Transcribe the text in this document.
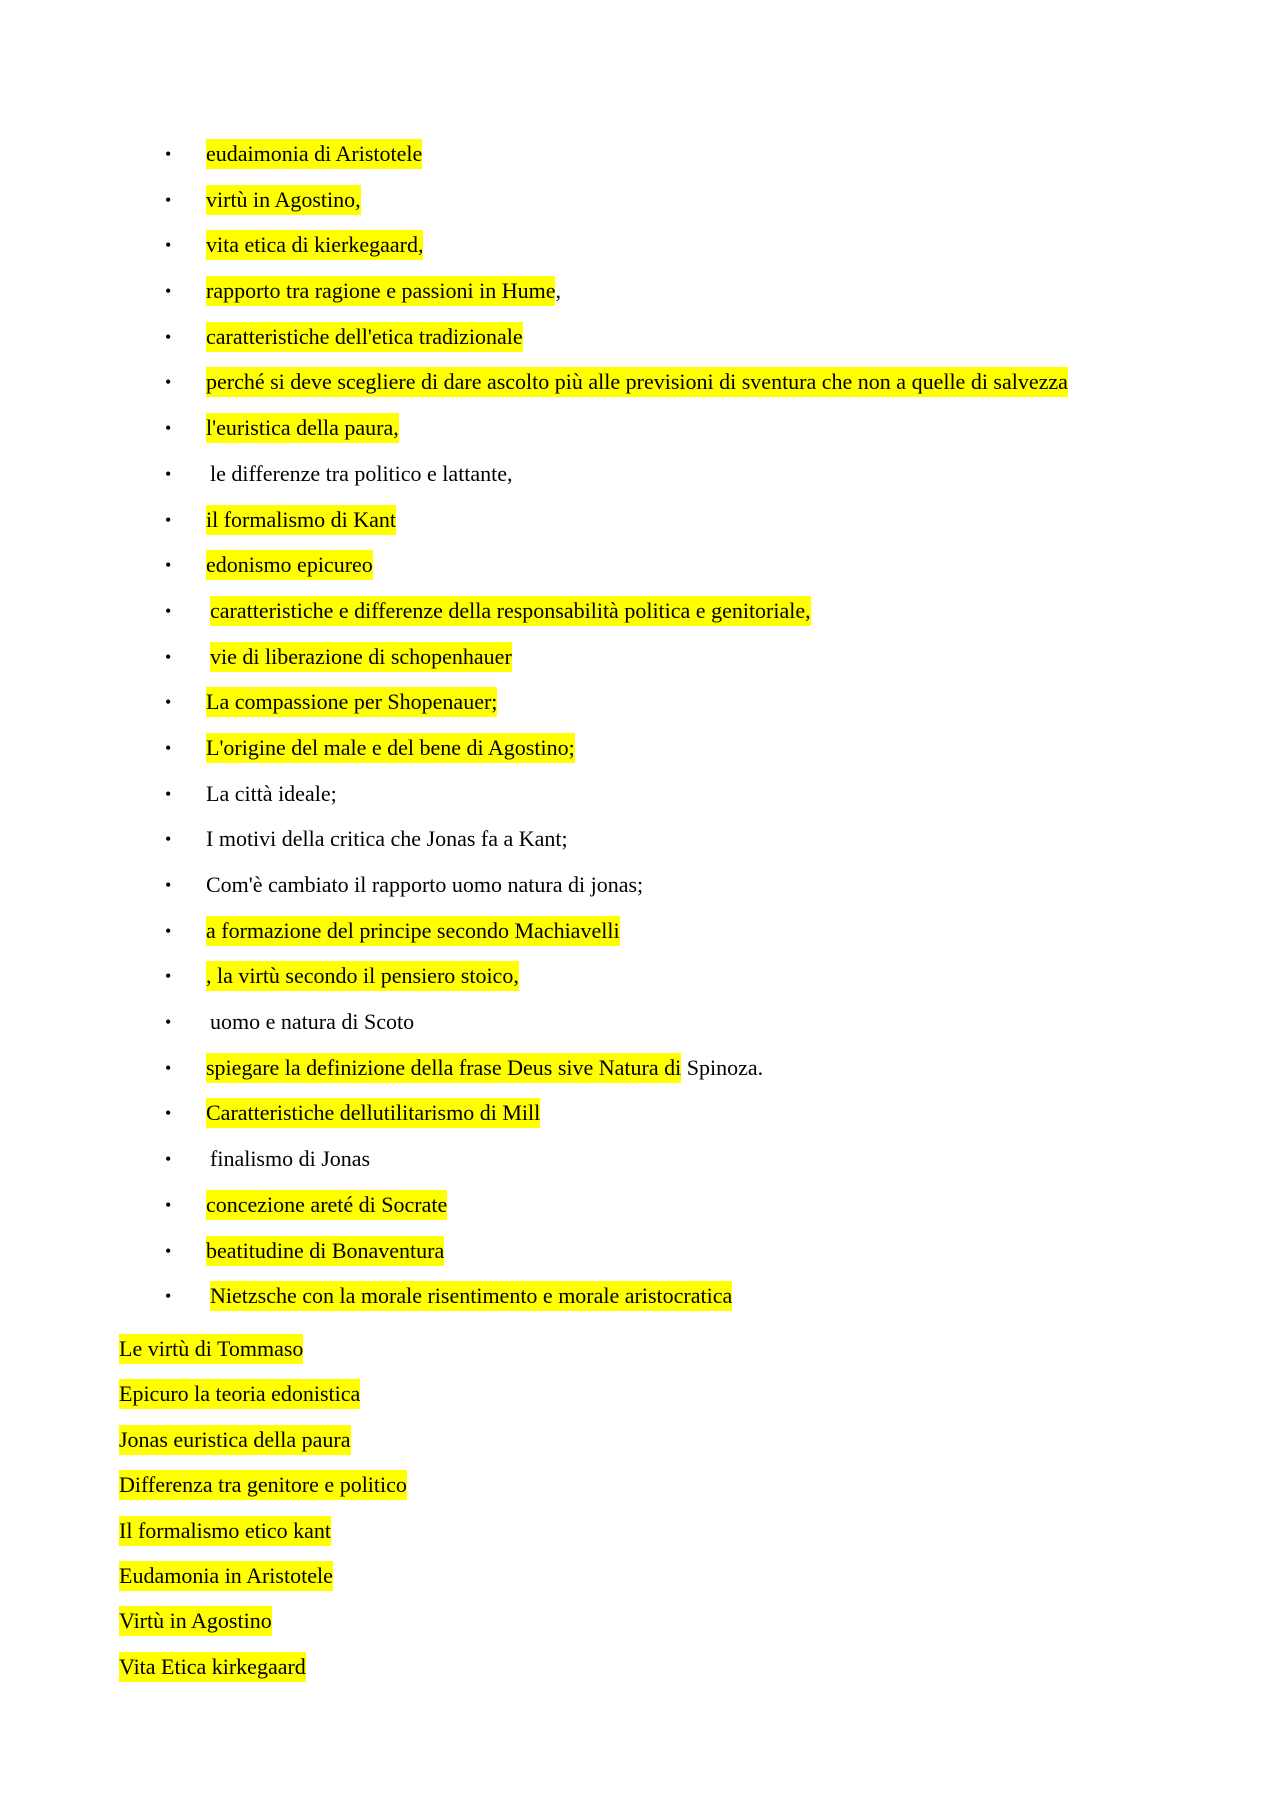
• eudaimonia di Aristotele
• virtù in Agostino,
• vita etica di kierkegaard,
• rapporto tra ragione e passioni in Hume,
• caratteristiche dell'etica tradizionale
• perché si deve scegliere di dare ascolto più alle previsioni di sventura che non a quelle di salvezza
• l'euristica della paura,
• le differenze tra politico e lattante,
• il formalismo di Kant
• edonismo epicureo
• caratteristiche e differenze della responsabilità politica e genitoriale,
• vie di liberazione di schopenhauer
• La compassione per Shopenauer;
• L'origine del male e del bene di Agostino;
• La città ideale;
• I motivi della critica che Jonas fa a Kant;
• Com'è cambiato il rapporto uomo natura di jonas;
• a formazione del principe secondo Machiavelli
• , la virtù secondo il pensiero stoico,
• uomo e natura di Scoto
• spiegare la definizione della frase Deus sive Natura di Spinoza.
• Caratteristiche dellutilitarismo di Mill
• finalismo di Jonas
• concezione areté di Socrate
• beatitudine di Bonaventura
• Nietzsche con la morale risentimento e morale aristocratica
Le virtù di Tommaso
Epicuro la teoria edonistica
Jonas euristica della paura
Differenza tra genitore e politico
Il formalismo etico kant
Eudamonia in Aristotele
Virtù in Agostino
Vita Etica kirkegaard
